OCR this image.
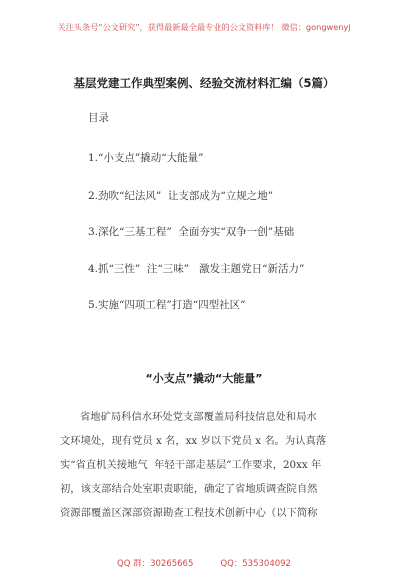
关注头条号“公文研究”，获得最新最全最专业的公文资料库！ 微信：gongwenyj
基层党建工作典型案例、经验交流材料汇编（5篇）
目录
1.“小支点”撬动“大能量”
2.劲吹“纪法风”  让支部成为“立规之地”
3.深化“三基工程”  全面夯实“双争一创”基础
4.抓“三性”  注“三味”   激发主题党日“新活力”
5.实施“四项工程”打造“四型社区”
“小支点”撬动“大能量”
省地矿局科信水环处党支部覆盖局科技信息处和局水
文环境处，现有党员 x 名，xx 岁以下党员 x 名。为认真落
实“省直机关接地气  年轻干部走基层”工作要求，20xx 年
初，该支部结合处室职责职能，确定了省地质调查院自然
资源部覆盖区深部资源勘查工程技术创新中心（以下简称
QQ 群：30265665          QQ：535304092
